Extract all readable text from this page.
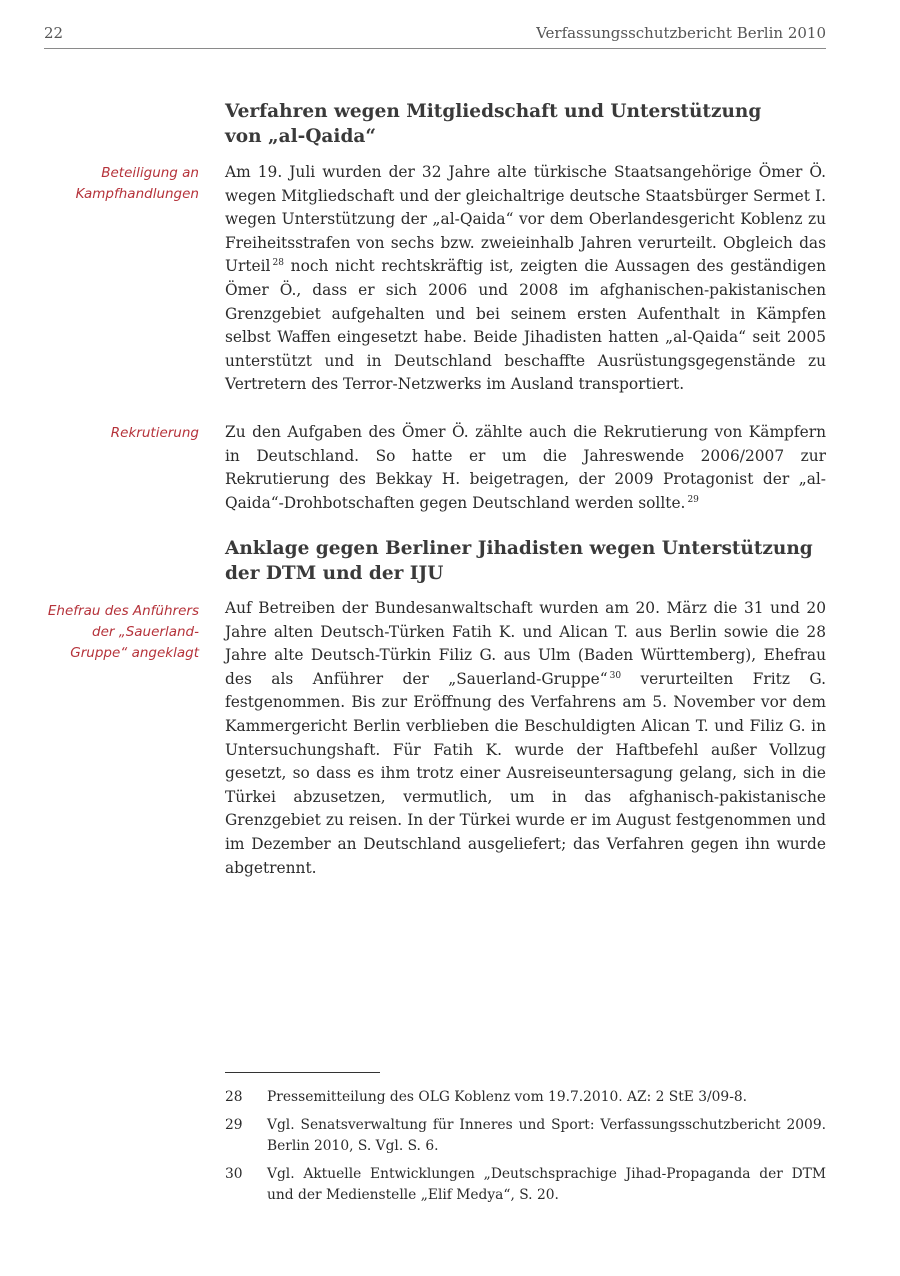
22	Verfassungsschutzbericht Berlin 2010
Verfahren wegen Mitgliedschaft und Unterstützung
von „al-Qaida“
Beteiligung an
Kampfhandlungen

Am 19. Juli wurden der 32 Jahre alte türkische Staatsangehörige Ömer Ö. wegen Mitgliedschaft und der gleichaltrige deutsche Staatsbürger Sermet I. wegen Unterstützung der „al-Qaida“ vor dem Oberlandesgericht Koblenz zu Freiheitsstrafen von sechs bzw. zweieinhalb Jahren verurteilt. Obgleich das Urteil $^{28}$ noch nicht rechtskräftig ist, zeigten die Aussagen des geständigen Ömer Ö., dass er sich 2006 und 2008 im afghanischen-pakistanischen Grenzgebiet aufgehalten und bei seinem ersten Aufenthalt in Kämpfen selbst Waffen eingesetzt habe. Beide Jihadisten hatten „al-Qaida“ seit 2005 unterstützt und in Deutschland beschaffte Ausrüstungsgegenstände zu Vertretern des Terror-Netzwerks im Ausland transportiert.

Rekrutierung Zu den Aufgaben des Ömer Ö. zählte auch die Rekrutierung von Kämpfern in Deutschland. So hatte er um die Jahreswende 2006/2007 zur Rekrutierung des Bekkay H. beigetragen, der 2009 Protagonist der „al-Qaida“-Drohbotschaften gegen Deutschland werden sollte. $^{29}$

Anklage gegen Berliner Jihadisten wegen Unterstützung
der DTM und der IJU
Ehefrau des Anführers
der „Sauerland-
Gruppe“ angeklagt

Auf Betreiben der Bundesanwaltschaft wurden am 20. März die 31 und 20 Jahre alten Deutsch-Türken Fatih K. und Alican T. aus Berlin sowie die 28 Jahre alte Deutsch-Türkin Filiz G. aus Ulm (Baden Württemberg), Ehefrau des als Anführer der „Sauerland-Gruppe“ $^{30}$ verurteilten Fritz G. festgenommen. Bis zur Eröffnung des Verfahrens am 5. November vor dem Kammergericht Berlin verblieben die Beschuldigten Alican T. und Filiz G. in Untersuchungshaft. Für Fatih K. wurde der Haftbefehl außer Vollzug gesetzt, so dass es ihm trotz einer Ausreiseuntersagung gelang, sich in die Türkei abzusetzen, vermutlich, um in das afghanisch-pakistanische Grenzgebiet zu reisen. In der Türkei wurde er im August festgenommen und im Dezember an Deutschland ausgeliefert; das Verfahren gegen ihn wurde abgetrennt.

28 Pressemitteilung des OLG Koblenz vom 19.7.2010. AZ: 2 StE 3/09-8.
29 Vgl. Senatsverwaltung für Inneres und Sport: Verfassungsschutzbericht 2009. Berlin 2010, S. Vgl. S. 6.
30 Vgl. Aktuelle Entwicklungen „Deutschsprachige Jihad-Propaganda der DTM und der Medienstelle „Elif Medya“, S. 20.
